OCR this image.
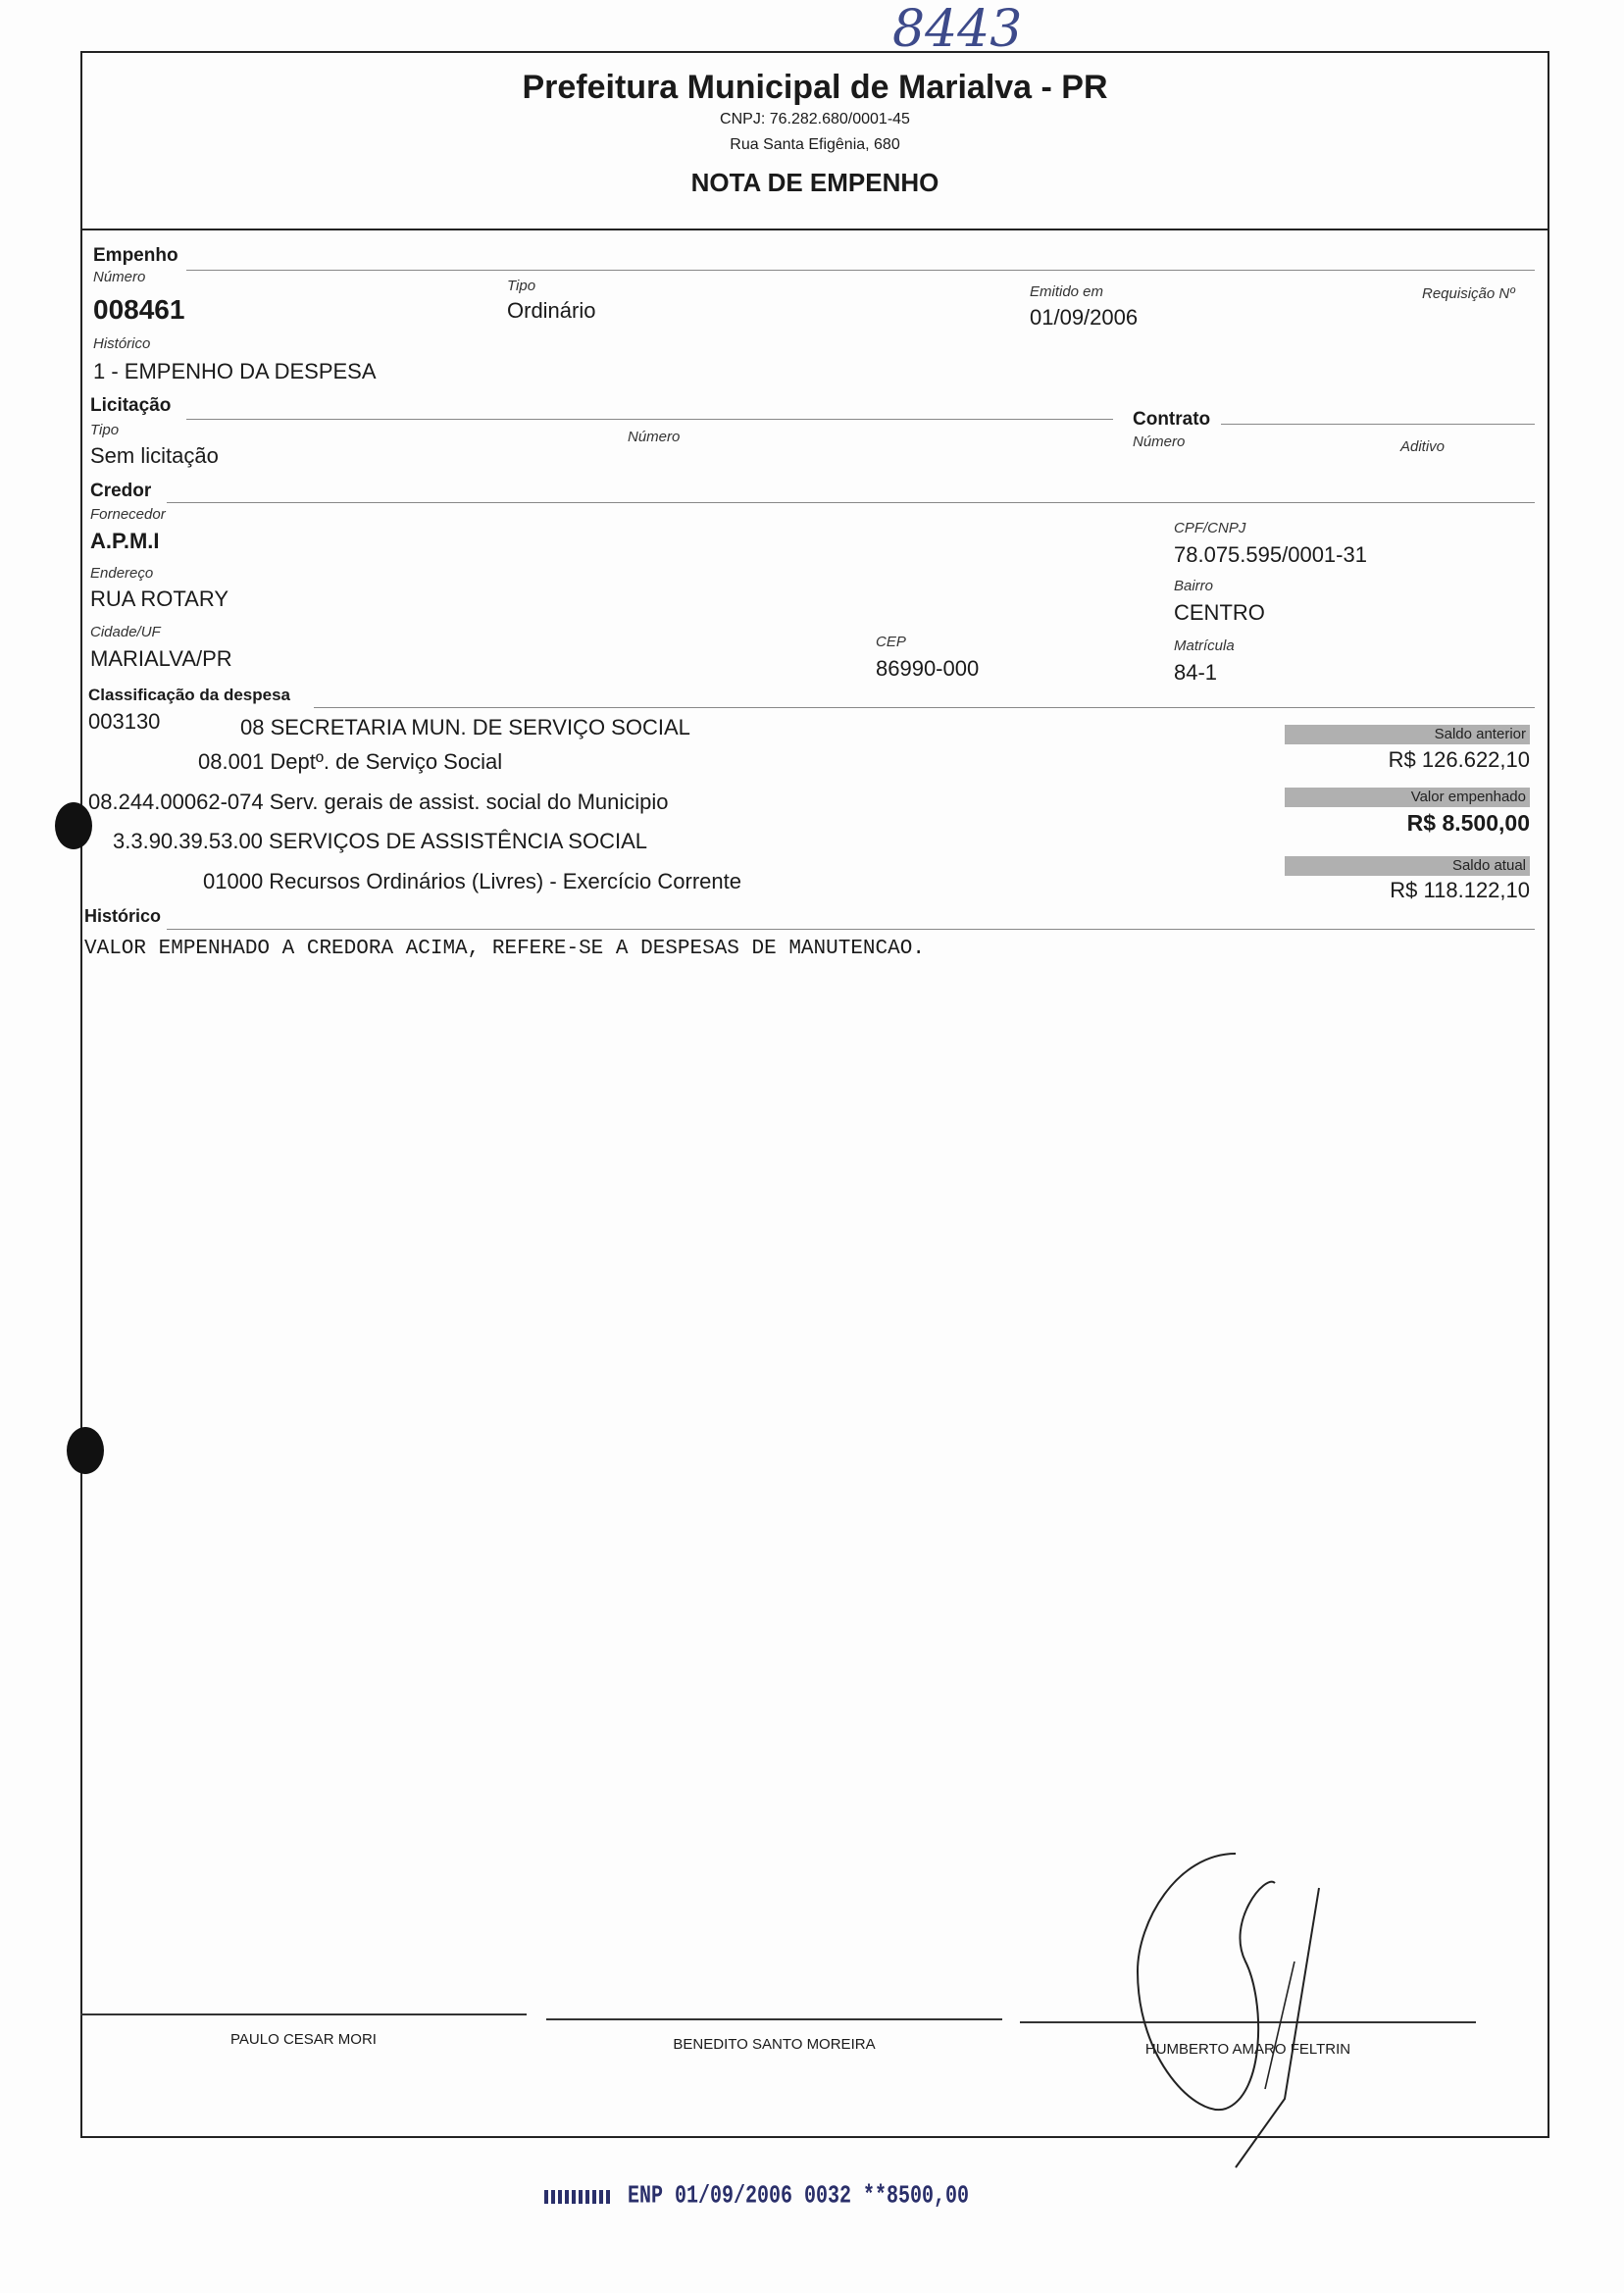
8443
Prefeitura Municipal de Marialva - PR
CNPJ: 76.282.680/0001-45
Rua Santa Efigênia, 680
NOTA DE EMPENHO
Empenho
Número
008461
Tipo
Ordinário
Emitido em
01/09/2006
Requisição Nº
Histórico
1 - EMPENHO DA DESPESA
Licitação
Tipo
Sem licitação
Número
Contrato
Número	Aditivo
Credor
Fornecedor
A.P.M.I
CPF/CNPJ
78.075.595/0001-31
Endereço
RUA ROTARY
Bairro
CENTRO
Cidade/UF
MARIALVA/PR
CEP
86990-000
Matrícula
84-1
Classificação da despesa
003130	08 SECRETARIA MUN. DE SERVIÇO SOCIAL
08.001 Deptº. de Serviço Social
08.244.00062-074 Serv. gerais de assist. social do Municipio
3.3.90.39.53.00 SERVIÇOS DE ASSISTÊNCIA SOCIAL
01000 Recursos Ordinários (Livres) - Exercício Corrente
Saldo anterior
R$ 126.622,10
Valor empenhado
R$ 8.500,00
Saldo atual
R$ 118.122,10
Histórico
VALOR EMPENHADO A CREDORA ACIMA, REFERE-SE A DESPESAS DE MANUTENCAO.
PAULO CESAR MORI	BENEDITO SANTO MOREIRA	HUMBERTO AMARO FELTRIN
ENP 01/09/2006 0032 **8500,00
